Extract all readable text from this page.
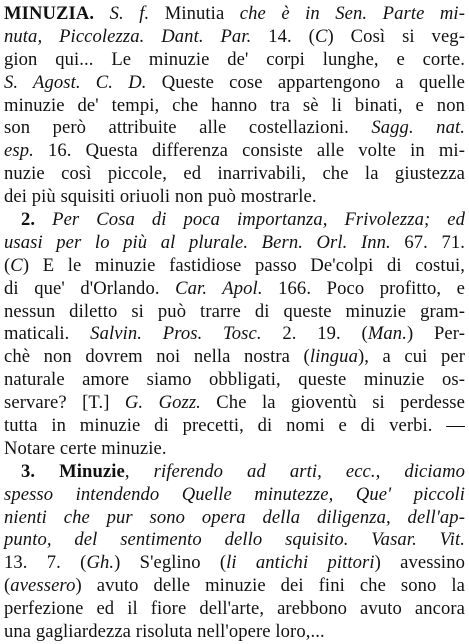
MINUZIA. S. f. Minutia che è in Sen. Parte mi-
nuta, Piccolezza. Dant. Par. 14. (C) Così si veg-
gion qui... Le minuzie de' corpi lunghe, e corte.
S. Agost. C. D. Queste cose appartengono a quelle
minuzie de' tempi, che hanno tra sè li binati, e non
son però attribuite alle costellazioni. Sagg. nat.
esp. 16. Questa differenza consiste alle volte in mi-
nuzie così piccole, ed inarrivabili, che la giustezza
dei più squisiti oriuoli non può mostrarle.
2. Per Cosa di poca importanza, Frivolezza; ed
usasi per lo più al plurale. Bern. Orl. Inn. 67. 71.
(C) E le minuzie fastidiose passo De'colpi di costui,
di que' d'Orlando. Car. Apol. 166. Poco profitto, e
nessun diletto si può trarre di queste minuzie gram-
maticali. Salvin. Pros. Tosc. 2. 19. (Man.) Per-
chè non dovrem noi nella nostra (lingua), a cui per
naturale amore siamo obbligati, queste minuzie os-
servare? [T.] G. Gozz. Che la gioventù si perdesse
tutta in minuzie di precetti, di nomi e di verbi. —
Notare certe minuzie.
3. Minuzie, riferendo ad arti, ecc., diciamo
spesso intendendo Quelle minutezze, Que' piccoli
nienti che pur sono opera della diligenza, dell'ap-
punto, del sentimento dello squisito. Vasar. Vit.
13. 7. (Gh.) S'eglino (li antichi pittori) avessino
(avessero) avuto delle minuzie dei fini che sono la
perfezione ed il fiore dell'arte, arebbono avuto ancora
una gagliardezza risoluta nell'opere loro,...
